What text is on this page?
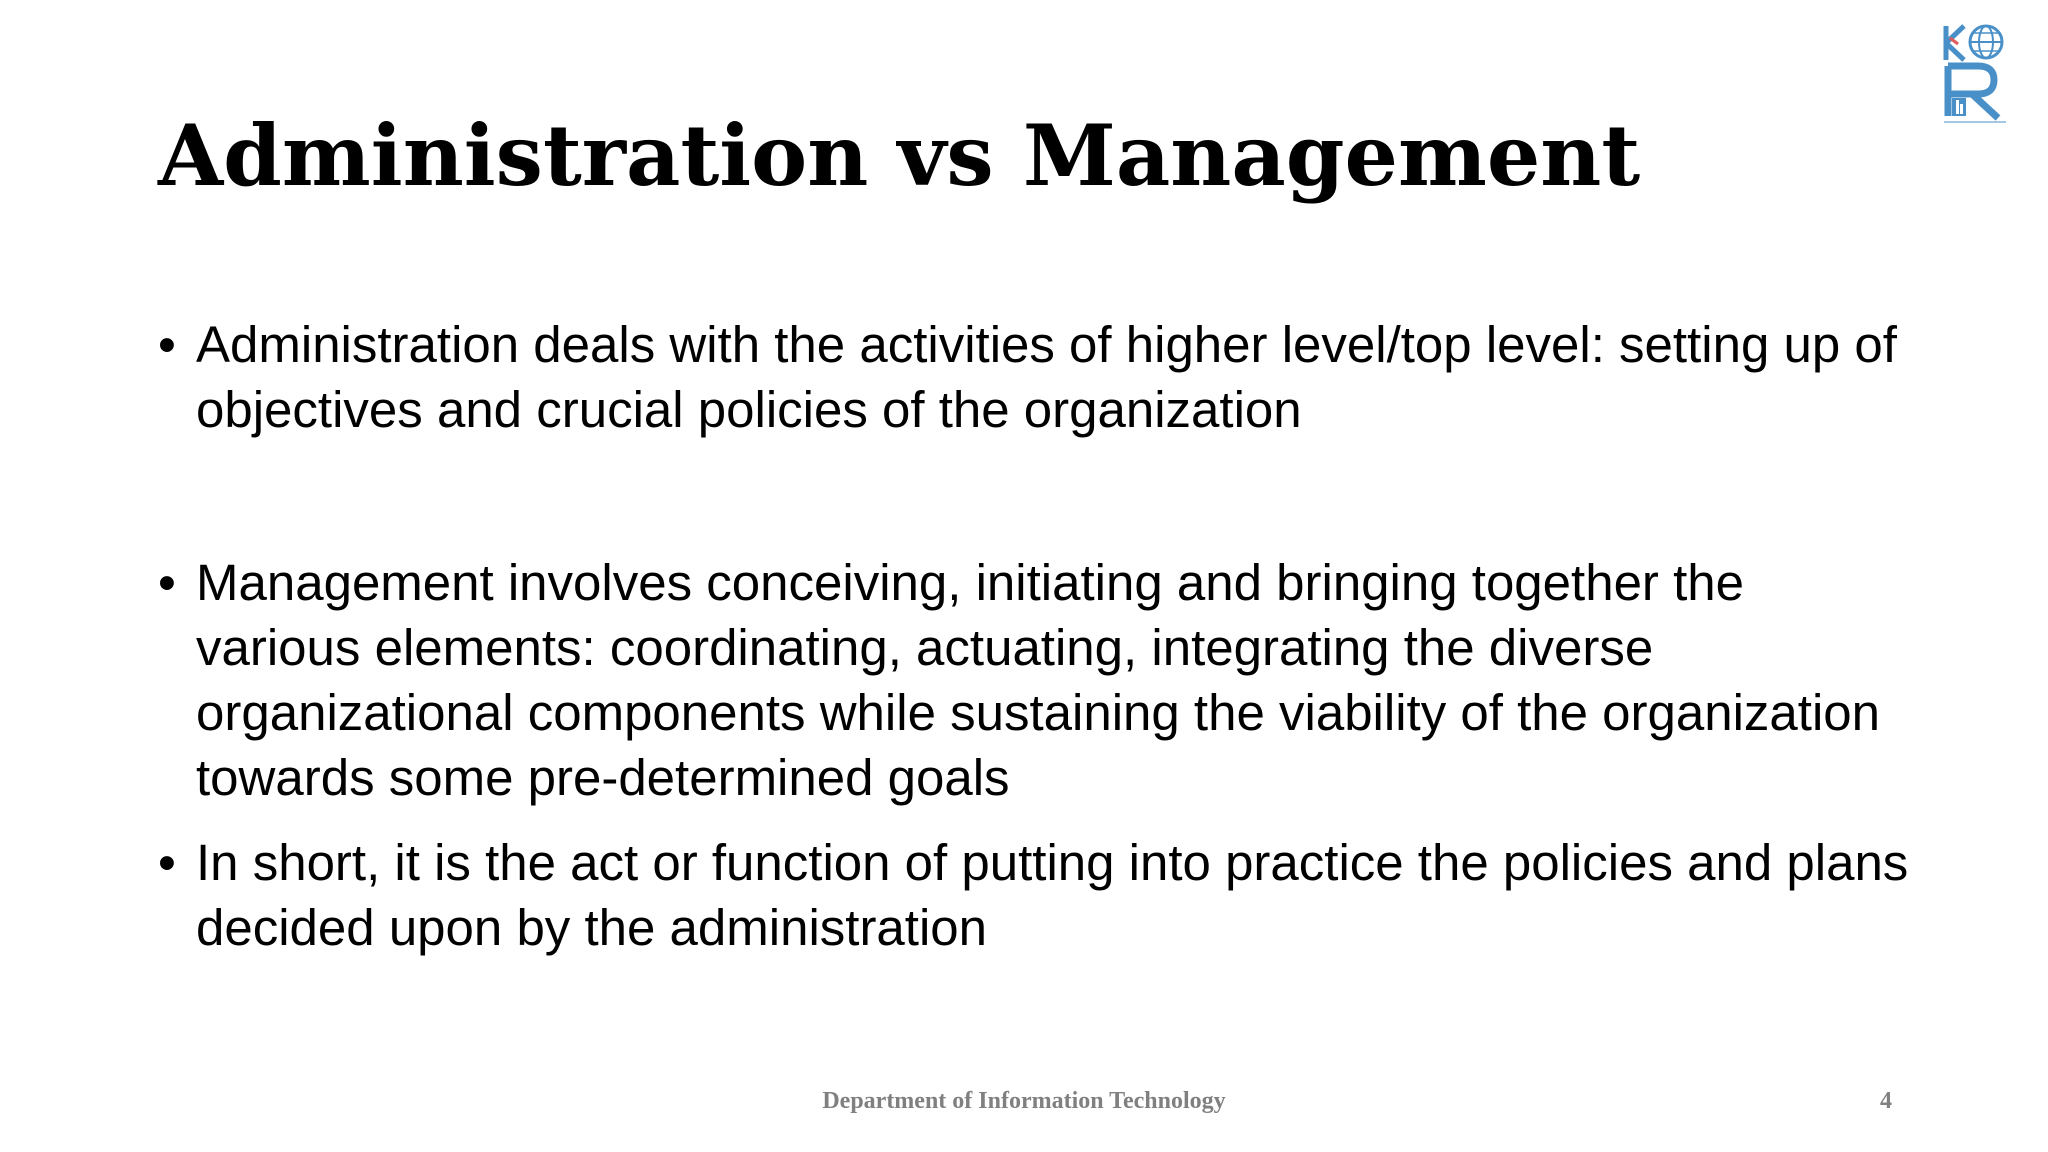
Administration vs Management
• Administration deals with the activities of higher level/top level: setting up of objectives and crucial policies of the organization
• Management involves conceiving, initiating and bringing together the various elements: coordinating, actuating, integrating the diverse organizational components while sustaining the viability of the organization towards some pre-determined goals
• In short, it is the act or function of putting into practice the policies and plans decided upon by the administration
Department of Information Technology	4
